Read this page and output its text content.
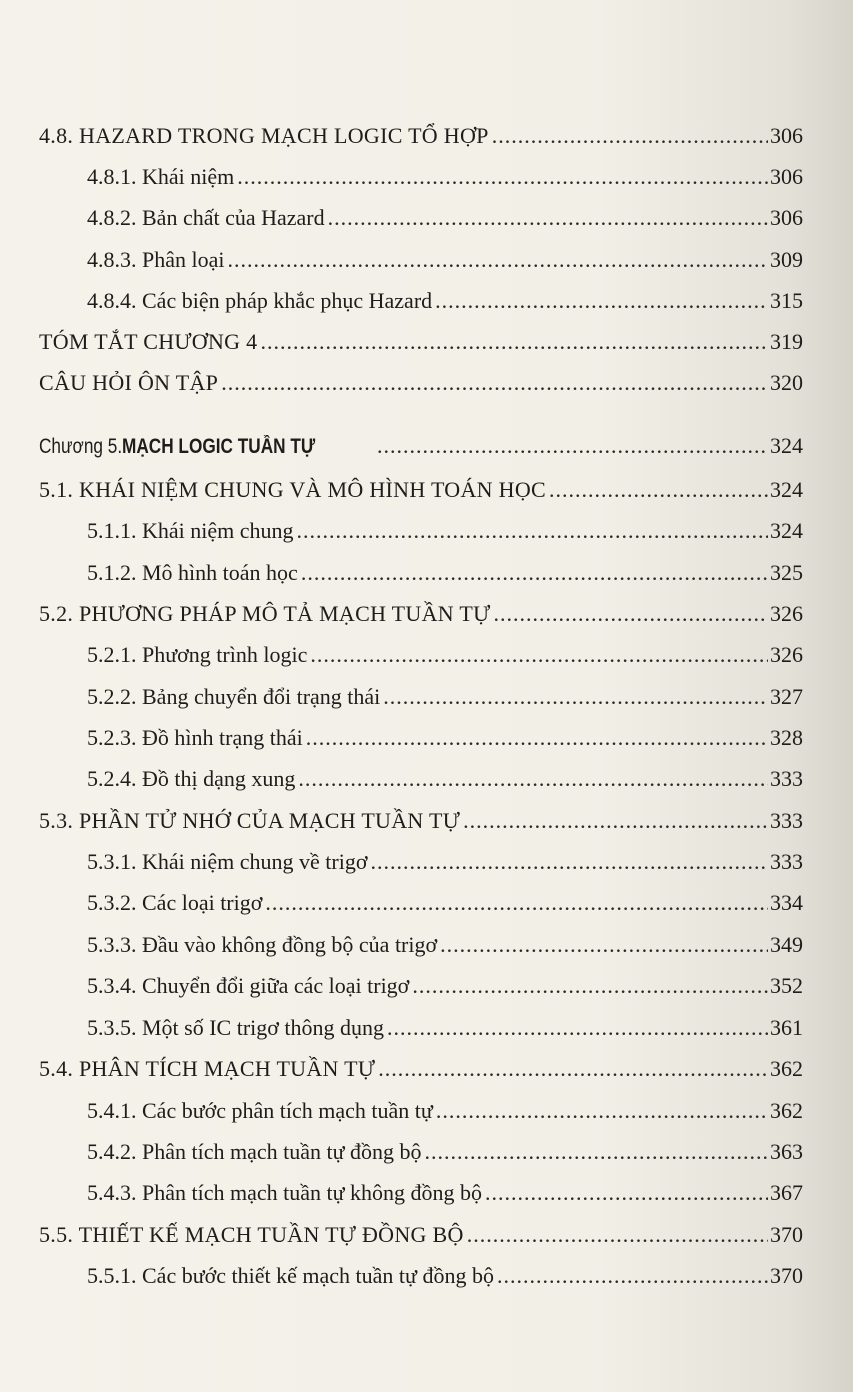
4.8. HAZARD TRONG MẠCH LOGIC TỔ HỢP .....	306
4.8.1. Khái niệm .....	306
4.8.2. Bản chất của Hazard .....	306
4.8.3. Phân loại .....	309
4.8.4. Các biện pháp khắc phục Hazard .....	315
TÓM TẮT CHƯƠNG 4 .....	319
CÂU HỎI ÔN TẬP .....	320
Chương 5. MẠCH LOGIC TUẦN TỰ .....	324
5.1. KHÁI NIỆM CHUNG VÀ MÔ HÌNH TOÁN HỌC .....	324
5.1.1. Khái niệm chung .....	324
5.1.2. Mô hình toán học .....	325
5.2. PHƯƠNG PHÁP MÔ TẢ MẠCH TUẦN TỰ .....	326
5.2.1. Phương trình logic .....	326
5.2.2. Bảng chuyển đổi trạng thái .....	327
5.2.3. Đồ hình trạng thái .....	328
5.2.4. Đồ thị dạng xung .....	333
5.3. PHẦN TỬ NHỚ CỦA MẠCH TUẦN TỰ .....	333
5.3.1. Khái niệm chung về trigơ .....	333
5.3.2. Các loại trigơ .....	334
5.3.3. Đầu vào không đồng bộ của trigơ .....	349
5.3.4. Chuyển đổi giữa các loại trigơ .....	352
5.3.5. Một số IC trigơ thông dụng .....	361
5.4. PHÂN TÍCH MẠCH TUẦN TỰ .....	362
5.4.1. Các bước phân tích mạch tuần tự .....	362
5.4.2. Phân tích mạch tuần tự đồng bộ .....	363
5.4.3. Phân tích mạch tuần tự không đồng bộ .....	367
5.5. THIẾT KẾ MẠCH TUẦN TỰ ĐỒNG BỘ .....	370
5.5.1. Các bước thiết kế mạch tuần tự đồng bộ .....	370
